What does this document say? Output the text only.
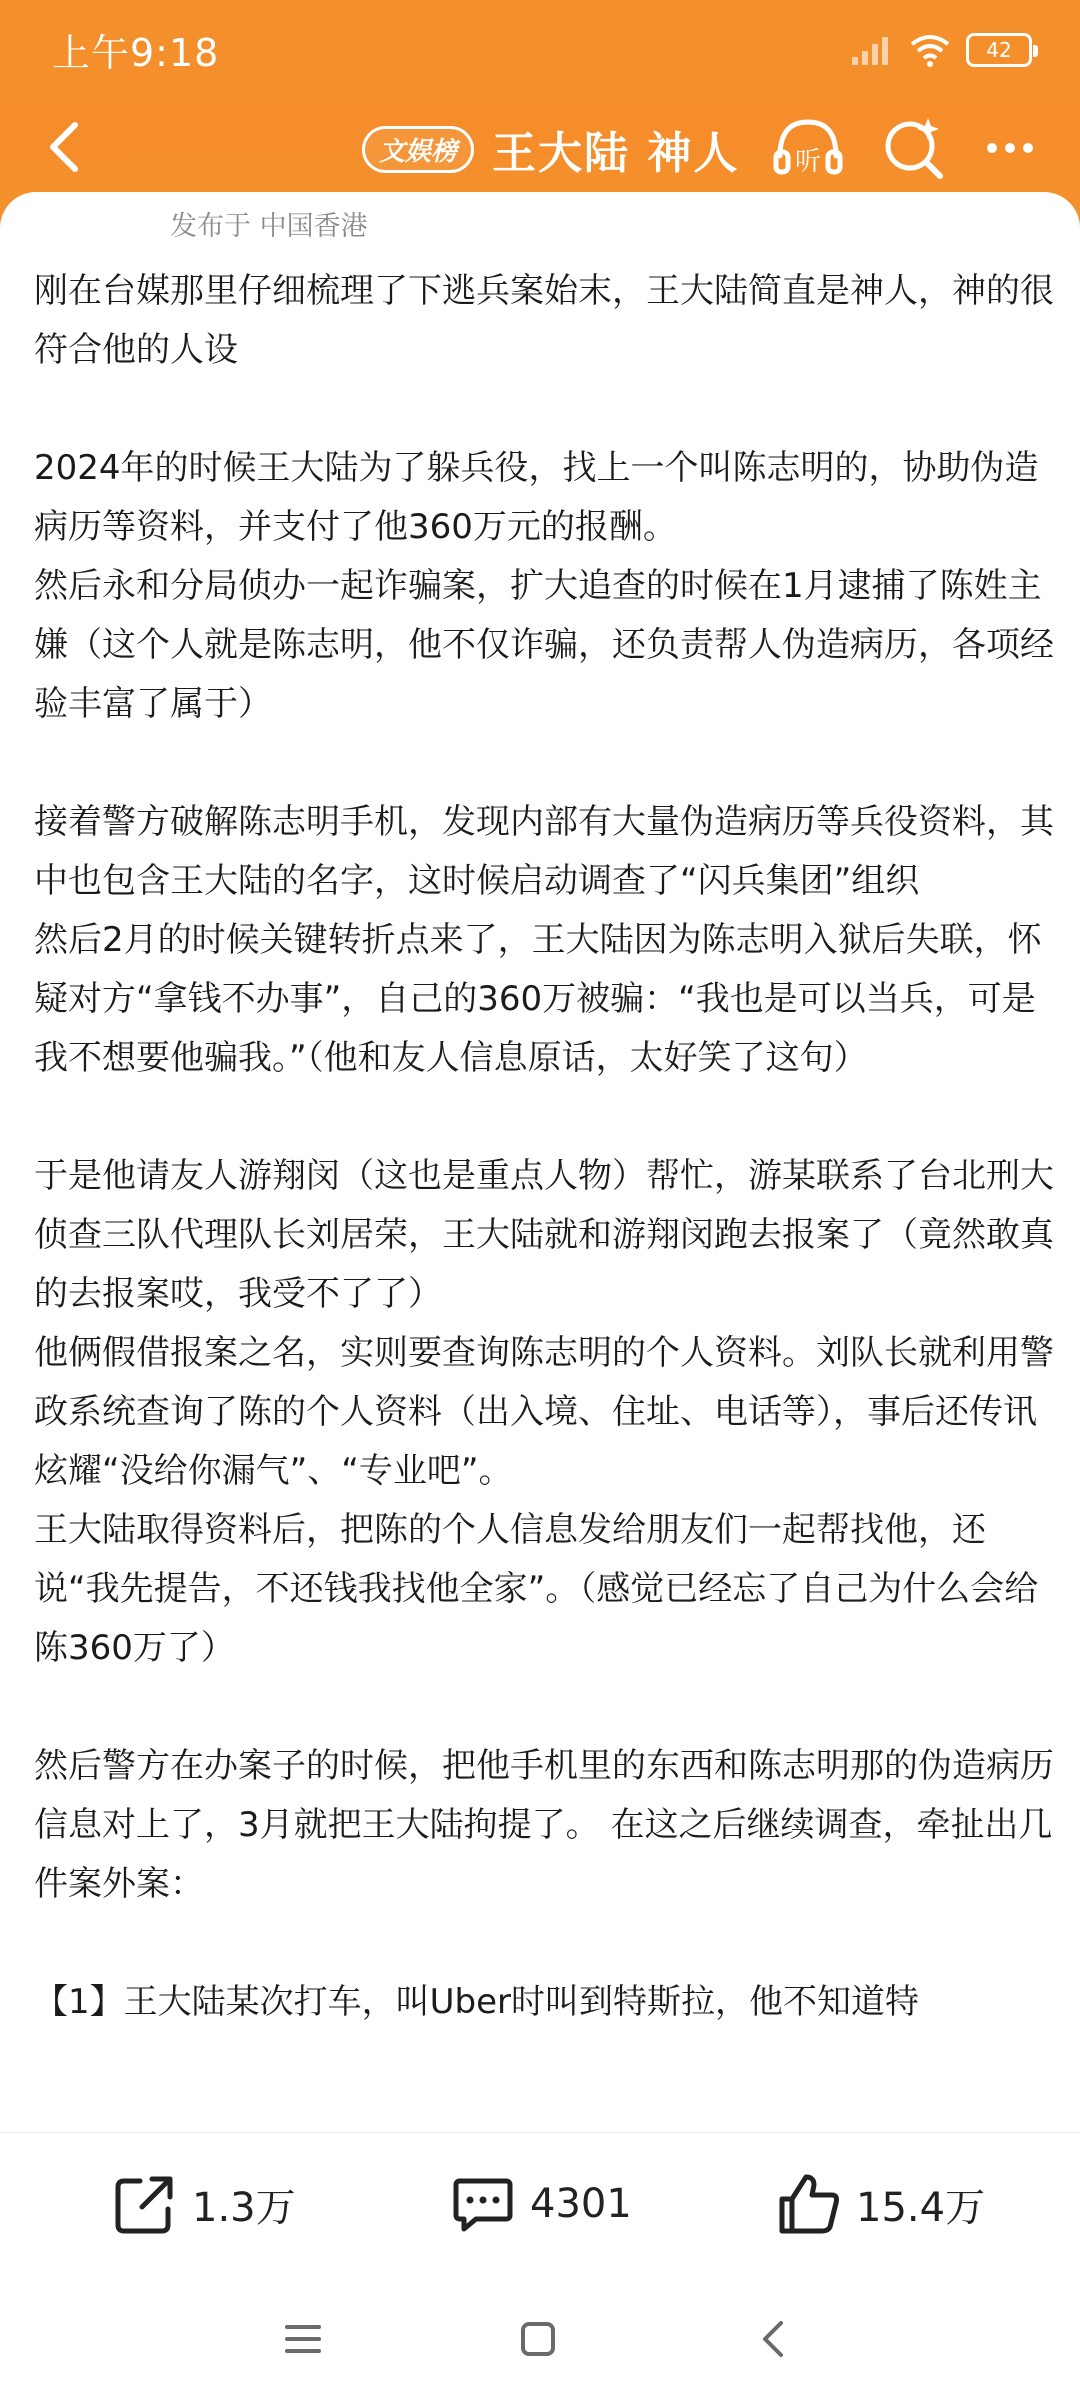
上午9:18	42
文娱榜 王大陆 神人 听
发布于 中国香港

刚在台媒那里仔细梳理了下逃兵案始末，王大陆简直是神人，神的很符合他的人设

2024年的时候王大陆为了躲兵役，找上一个叫陈志明的，协助伪造病历等资料，并支付了他360万元的报酬。

然后永和分局侦办一起诈骗案，扩大追查的时候在1月逮捕了陈姓主嫌（这个人就是陈志明，他不仅诈骗，还负责帮人伪造病历，各项经验丰富了属于）

接着警方破解陈志明手机，发现内部有大量伪造病历等兵役资料，其中也包含王大陆的名字，这时候启动调查了“闪兵集团”组织

然后2月的时候关键转折点来了，王大陆因为陈志明入狱后失联，怀疑对方“拿钱不办事”，自己的360万被骗：“我也是可以当兵，可是我不想要他骗我。”（他和友人信息原话，太好笑了这句）

于是他请友人游翔闵（这也是重点人物）帮忙，游某联系了台北刑大侦查三队代理队长刘居荣，王大陆就和游翔闵跑去报案了（竟然敢真的去报案哎，我受不了了）

他俩假借报案之名，实则要查询陈志明的个人资料。刘队长就利用警政系统查询了陈的个人资料（出入境、住址、电话等），事后还传讯炫耀“没给你漏气”、“专业吧”。

王大陆取得资料后，把陈的个人信息发给朋友们一起帮找他，还说“我先提告，不还钱我找他全家”。（感觉已经忘了自己为什么会给陈360万了）

然后警方在办案子的时候，把他手机里的东西和陈志明那的伪造病历信息对上了，3月就把王大陆拘提了。 在这之后继续调查，牵扯出几件案外案：

【1】王大陆某次打车，叫Uber时叫到特斯拉，他不知道特

1.3万	4301	15.4万
